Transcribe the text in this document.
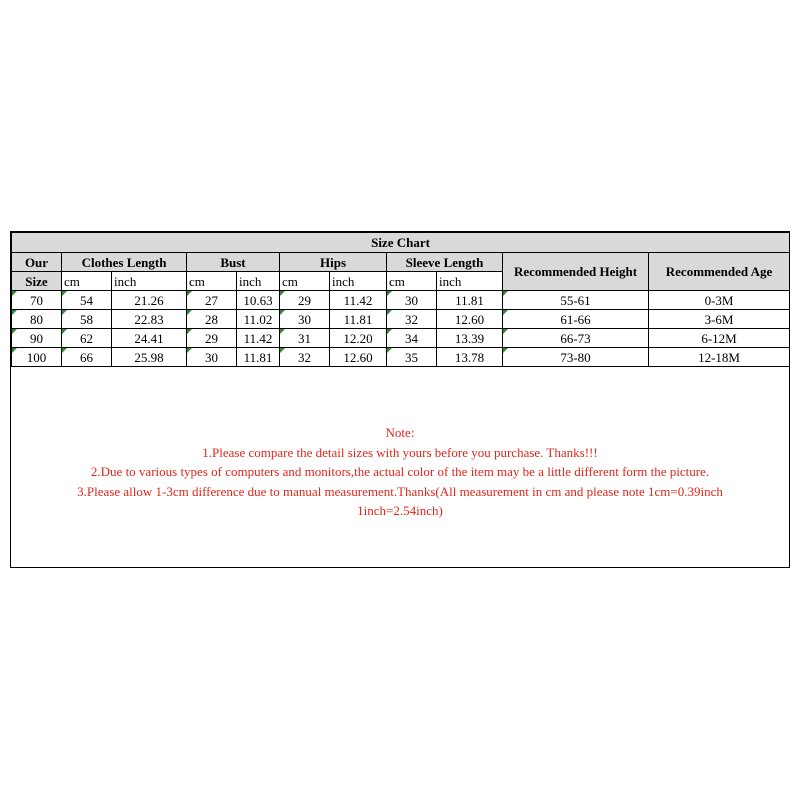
Size Chart										
Our	Clothes Length		Bust		Hips		Sleeve Length		Recommended Height	Recommended Age
Size	cm	inch	cm	inch	cm	inch	cm	inch		
70	54	21.26	27	10.63	29	11.42	30	11.81	55-61	0-3M
80	58	22.83	28	11.02	30	11.81	32	12.60	61-66	3-6M
90	62	24.41	29	11.42	31	12.20	34	13.39	66-73	6-12M
100	66	25.98	30	11.81	32	12.60	35	13.78	73-80	12-18M

Note:

1.Please compare the detail sizes with yours before you purchase. Thanks!!!

2.Due to various types of computers and monitors,the actual color of the item may be a little different form the picture.

3.Please allow 1-3cm difference due to manual measurement.Thanks(All measurement in cm and please note 1cm=0.39inch

1inch=2.54inch)
